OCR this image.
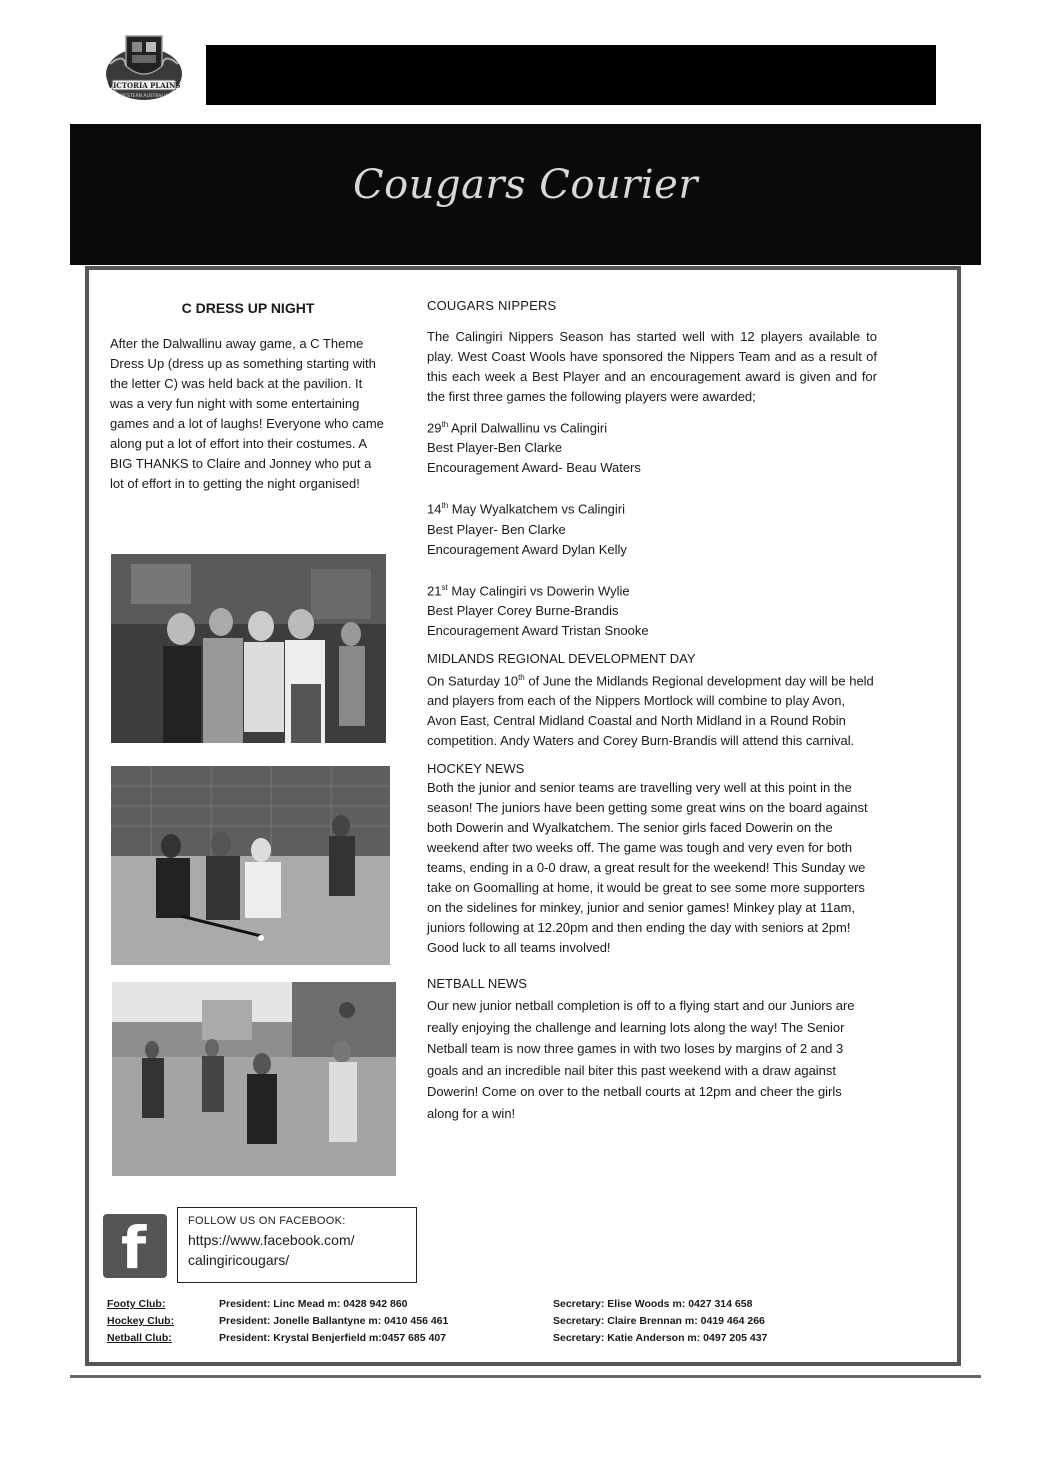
VICTORIA PLAINS
WESTERN AUSTRALIA
Cougars Courier
C DRESS UP NIGHT

After the Dalwallinu away game, a C Theme Dress Up (dress up as something starting with the letter C) was held back at the pavilion. It was a very fun night with some entertaining games and a lot of laughs! Everyone who came along put a lot of effort into their costumes. A BIG THANKS to Claire and Jonney who put a lot of effort in to getting the night organised!

COUGARS NIPPERS

The Calingiri Nippers Season has started well with 12 players available to play. West Coast Wools have sponsored the Nippers Team and as a result of this each week a Best Player and an encouragement award is given and for the first three games the following players were awarded;

29th April Dalwallinu vs Calingiri
Best Player-Ben Clarke
Encouragement Award- Beau Waters
14th May Wyalkatchem vs Calingiri
Best Player- Ben Clarke
Encouragement Award Dylan Kelly
21st May Calingiri vs Dowerin Wylie
Best Player Corey Burne-Brandis
Encouragement Award Tristan Snooke
MIDLANDS REGIONAL DEVELOPMENT DAY

On Saturday 10th of June the Midlands Regional development day will be held and players from each of the Nippers Mortlock will combine to play Avon, Avon East, Central Midland Coastal and North Midland in a Round Robin competition. Andy Waters and Corey Burn-Brandis will attend this carnival.

HOCKEY NEWS

Both the junior and senior teams are travelling very well at this point in the season! The juniors have been getting some great wins on the board against both Dowerin and Wyalkatchem. The senior girls faced Dowerin on the weekend after two weeks off. The game was tough and very even for both teams, ending in a 0-0 draw, a great result for the weekend! This Sunday we take on Goomalling at home, it would be great to see some more supporters on the sidelines for minkey, junior and senior games! Minkey play at 11am, juniors following at 12.20pm and then ending the day with seniors at 2pm! Good luck to all teams involved!

NETBALL NEWS

Our new junior netball completion is off to a flying start and our Juniors are really enjoying the challenge and learning lots along the way! The Senior Netball team is now three games in with two loses by margins of 2 and 3 goals and an incredible nail biter this past weekend with a draw against Dowerin! Come on over to the netball courts at 12pm and cheer the girls along for a win!

f	FOLLOW US ON FACEBOOK:
https://www.facebook.com/
calingiricougars/
Footy Club:	President: Linc Mead m: 0428 942 860	Secretary: Elise Woods m: 0427 314 658
Hockey Club:	President: Jonelle Ballantyne m: 0410 456 461	Secretary: Claire Brennan m: 0419 464 266
Netball Club:	President: Krystal Benjerfield m:0457 685 407	Secretary: Katie Anderson m: 0497 205 437
